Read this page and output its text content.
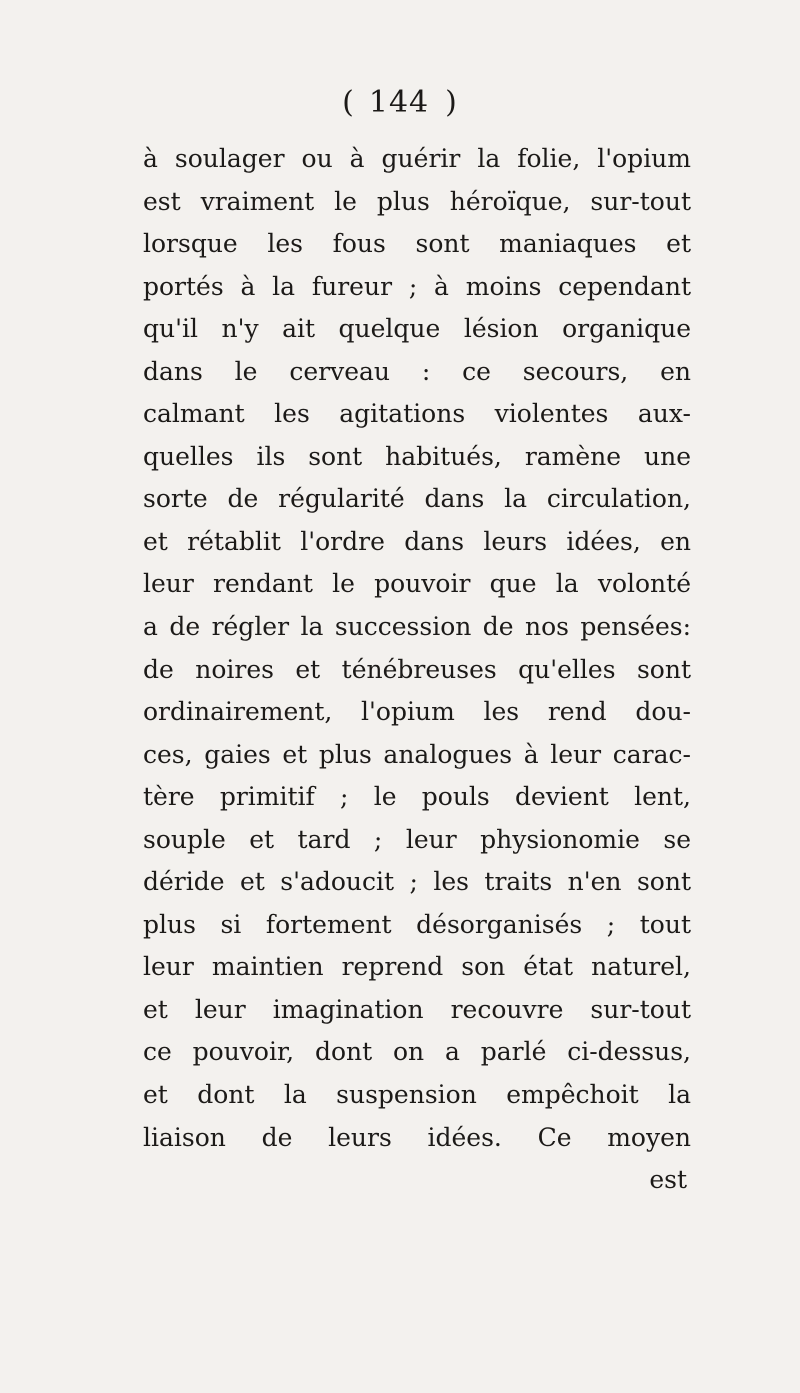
( 144 )
à soulager ou à guérir la folie, l'opium
est vraiment le plus héroïque, sur-tout
lorsque les fous sont maniaques et
portés à la fureur ; à moins cependant
qu'il n'y ait quelque lésion organique
dans le cerveau : ce secours, en
calmant les agitations violentes aux-
quelles ils sont habitués, ramène une
sorte de régularité dans la circulation,
et rétablit l'ordre dans leurs idées, en
leur rendant le pouvoir que la volonté
a de régler la succession de nos pensées:
de noires et ténébreuses qu'elles sont
ordinairement, l'opium les rend dou-
ces, gaies et plus analogues à leur carac-
tère primitif ; le pouls devient lent,
souple et tard ; leur physionomie se
déride et s'adoucit ; les traits n'en sont
plus si fortement désorganisés ; tout
leur maintien reprend son état naturel,
et leur imagination recouvre sur-tout
ce pouvoir, dont on a parlé ci-dessus,
et dont la suspension empêchoit la
liaison de leurs idées. Ce moyen
est
